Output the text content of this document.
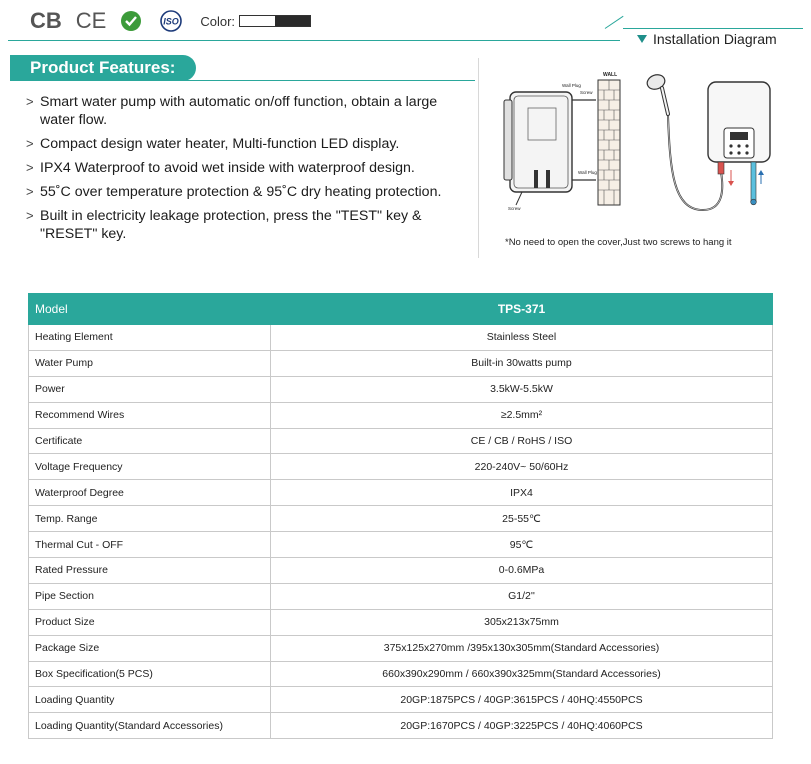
CB CE	ISO Color:
Installation Diagram
Product Features:
> Smart water pump with automatic on/off function, obtain a large water flow.
> Compact design water heater, Multi-function LED display.
> IPX4 Waterproof to avoid wet inside with waterproof design.
> 55˚C over temperature protection & 95˚C dry heating protection.
> Built in electricity leakage protection, press the "TEST" key & "RESET" key.
Wall Plug
Screw
Wall Plug
Screw
WALL
*No need to open the cover,Just two screws to hang it
Model	TPS-371
Heating Element	Stainless Steel
Water Pump	Built-in 30watts pump
Power	3.5kW-5.5kW
Recommend Wires	≥2.5mm²
Certificate	CE / CB / RoHS / ISO
Voltage Frequency	220-240V~ 50/60Hz
Waterproof Degree	IPX4
Temp. Range	25-55℃
Thermal Cut - OFF	95℃
Rated Pressure	0-0.6MPa
Pipe Section	G1/2''
Product Size	305x213x75mm
Package Size	375x125x270mm /395x130x305mm(Standard Accessories)
Box Specification(5 PCS)	660x390x290mm / 660x390x325mm(Standard Accessories)
Loading Quantity	20GP:1875PCS / 40GP:3615PCS / 40HQ:4550PCS
Loading Quantity(Standard Accessories)	20GP:1670PCS / 40GP:3225PCS / 40HQ:4060PCS
